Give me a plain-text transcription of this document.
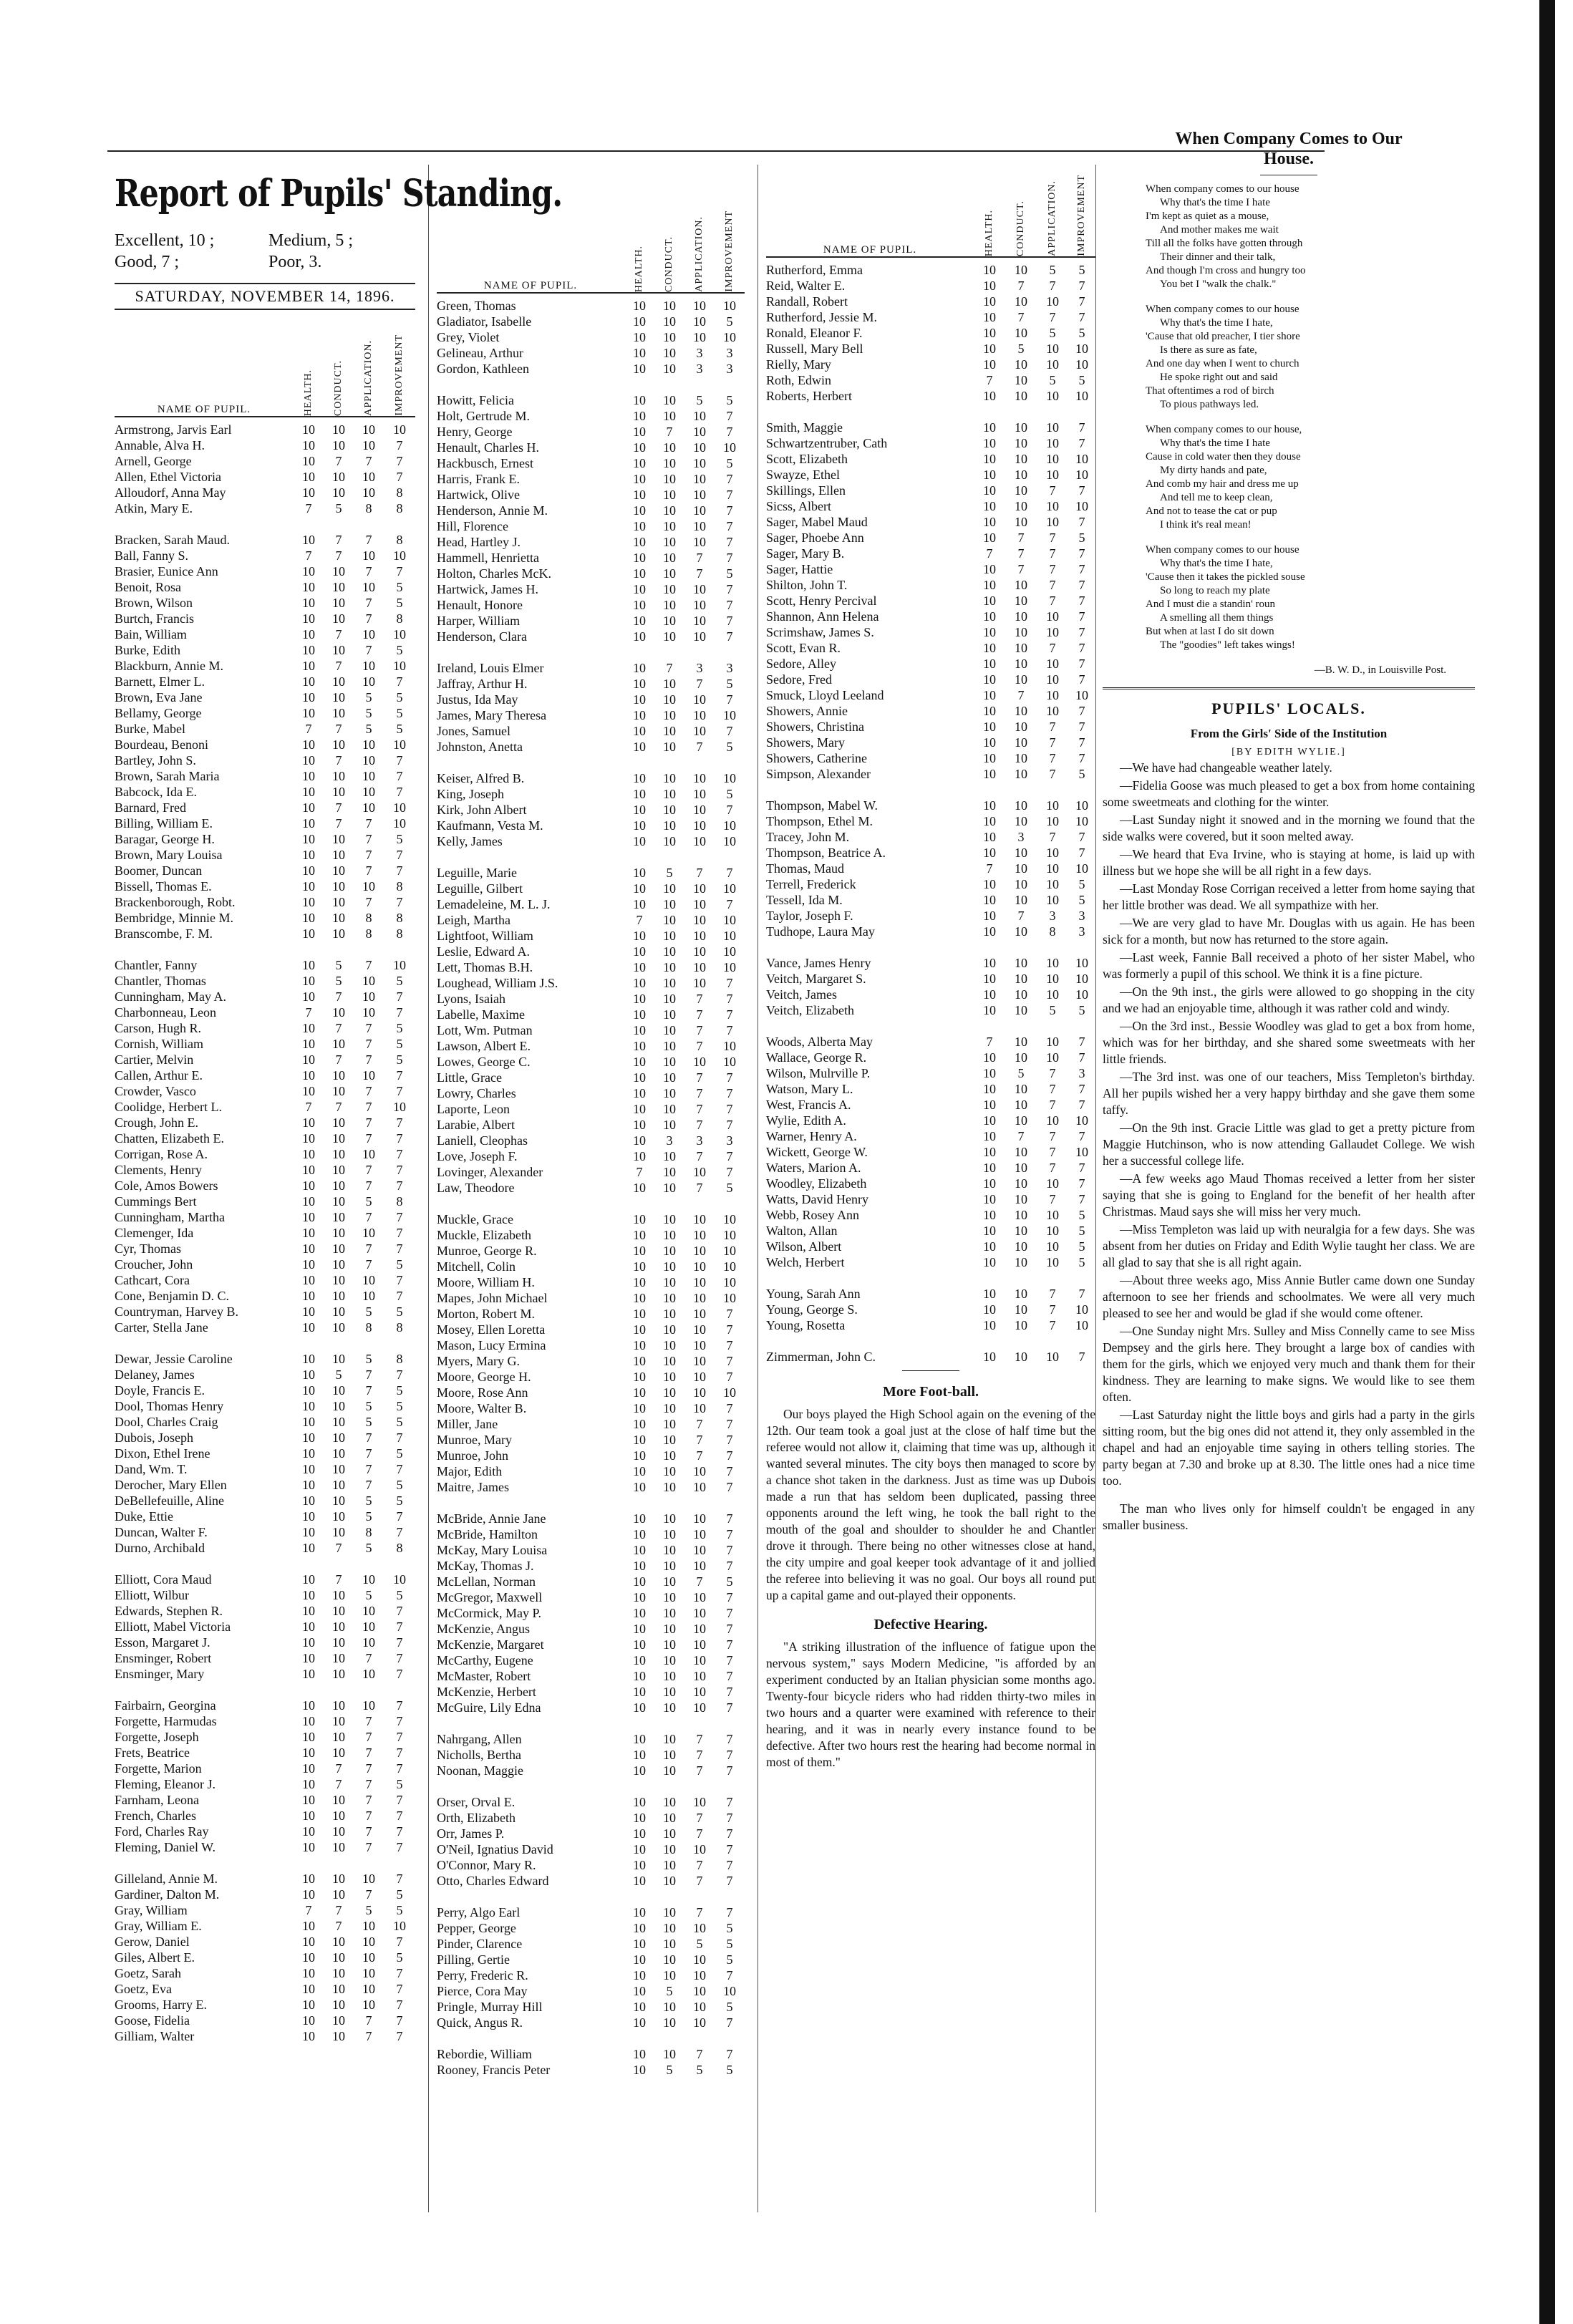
Report of Pupils' Standing.
Excellent, 10 ;	Medium, 5 ;
Good, 7 ;	Poor, 3.
SATURDAY, NOVEMBER 14, 1896.
NAME OF PUPIL.	HEALTH. CONDUCT. APPLICATION. IMPROVEMENT
Armstrong, Jarvis Earl	10	10	10	10
Annable, Alva H.	10	10	10	7
Arnell, George	10	7	7	7
Allen, Ethel Victoria	10	10	10	7
Alloudorf, Anna May	10	10	10	8
Atkin, Mary E.	7	5	8	8
Bracken, Sarah Maud.	10	7	7	8
Ball, Fanny S.	7	7	10	10
Brasier, Eunice Ann	10	10	7	7
Benoit, Rosa	10	10	10	5
Brown, Wilson	10	10	7	5
Burtch, Francis	10	10	7	8
Bain, William	10	7	10	10
Burke, Edith	10	10	7	5
Blackburn, Annie M.	10	7	10	10
Barnett, Elmer L.	10	10	10	7
Brown, Eva Jane	10	10	5	5
Bellamy, George	10	10	5	5
Burke, Mabel	7	7	5	5
Bourdeau, Benoni	10	10	10	10
Bartley, John S.	10	7	10	7
Brown, Sarah Maria	10	10	10	7
Babcock, Ida E.	10	10	10	7
Barnard, Fred	10	7	10	10
Billing, William E.	10	7	7	10
Baragar, George H.	10	10	7	5
Brown, Mary Louisa	10	10	7	7
Boomer, Duncan	10	10	7	7
Bissell, Thomas E.	10	10	10	8
Brackenborough, Robt.	10	10	7	7
Bembridge, Minnie M.	10	10	8	8
Branscombe, F. M.	10	10	8	8
Chantler, Fanny	10	5	7	10
Chantler, Thomas	10	5	10	5
Cunningham, May A.	10	7	10	7
Charbonneau, Leon	7	10	10	7
Carson, Hugh R.	10	7	7	5
Cornish, William	10	10	7	5
Cartier, Melvin	10	7	7	5
Callen, Arthur E.	10	10	10	7
Crowder, Vasco	10	10	7	7
Coolidge, Herbert L.	7	7	7	10
Crough, John E.	10	10	7	7
Chatten, Elizabeth E.	10	10	7	7
Corrigan, Rose A.	10	10	10	7
Clements, Henry	10	10	7	7
Cole, Amos Bowers	10	10	7	7
Cummings Bert	10	10	5	8
Cunningham, Martha	10	10	7	7
Clemenger, Ida	10	10	10	7
Cyr, Thomas	10	10	7	7
Croucher, John	10	10	7	5
Cathcart, Cora	10	10	10	7
Cone, Benjamin D. C.	10	10	10	7
Countryman, Harvey B.	10	10	5	5
Carter, Stella Jane	10	10	8	8
Dewar, Jessie Caroline	10	10	5	8
Delaney, James	10	5	7	7
Doyle, Francis E.	10	10	7	5
Dool, Thomas Henry	10	10	5	5
Dool, Charles Craig	10	10	5	5
Dubois, Joseph	10	10	7	7
Dixon, Ethel Irene	10	10	7	5
Dand, Wm. T.	10	10	7	7
Derocher, Mary Ellen	10	10	7	5
DeBellefeuille, Aline	10	10	5	5
Duke, Ettie	10	10	5	7
Duncan, Walter F.	10	10	8	7
Durno, Archibald	10	7	5	8
Elliott, Cora Maud	10	7	10	10
Elliott, Wilbur	10	10	5	5
Edwards, Stephen R.	10	10	10	7
Elliott, Mabel Victoria	10	10	10	7
Esson, Margaret J.	10	10	10	7
Ensminger, Robert	10	10	7	7
Ensminger, Mary	10	10	10	7
Fairbairn, Georgina	10	10	10	7
Forgette, Harmudas	10	10	7	7
Forgette, Joseph	10	10	7	7
Frets, Beatrice	10	10	7	7
Forgette, Marion	10	7	7	7
Fleming, Eleanor J.	10	7	7	5
Farnham, Leona	10	10	7	7
French, Charles	10	10	7	7
Ford, Charles Ray	10	10	7	7
Fleming, Daniel W.	10	10	7	7
Gilleland, Annie M.	10	10	10	7
Gardiner, Dalton M.	10	10	7	5
Gray, William	7	7	5	5
Gray, William E.	10	7	10	10
Gerow, Daniel	10	10	10	7
Giles, Albert E.	10	10	10	5
Goetz, Sarah	10	10	10	7
Goetz, Eva	10	10	10	7
Grooms, Harry E.	10	10	10	7
Goose, Fidelia	10	10	7	7
Gilliam, Walter	10	10	7	7
NAME OF PUPIL.	HEALTH. CONDUCT. APPLICATION. IMPROVEMENT
Green, Thomas	10	10	10	10
Gladiator, Isabelle	10	10	10	5
Grey, Violet	10	10	10	10
Gelineau, Arthur	10	10	3	3
Gordon, Kathleen	10	10	3	3
Howitt, Felicia	10	10	5	5
Holt, Gertrude M.	10	10	10	7
Henry, George	10	7	10	7
Henault, Charles H.	10	10	10	10
Hackbusch, Ernest	10	10	10	5
Harris, Frank E.	10	10	10	7
Hartwick, Olive	10	10	10	7
Henderson, Annie M.	10	10	10	7
Hill, Florence	10	10	10	7
Head, Hartley J.	10	10	10	7
Hammell, Henrietta	10	10	7	7
Holton, Charles McK.	10	10	7	5
Hartwick, James H.	10	10	10	7
Henault, Honore	10	10	10	7
Harper, William	10	10	10	7
Henderson, Clara	10	10	10	7
Ireland, Louis Elmer	10	7	3	3
Jaffray, Arthur H.	10	10	7	5
Justus, Ida May	10	10	10	7
James, Mary Theresa	10	10	10	10
Jones, Samuel	10	10	10	7
Johnston, Anetta	10	10	7	5
Keiser, Alfred B.	10	10	10	10
King, Joseph	10	10	10	5
Kirk, John Albert	10	10	10	7
Kaufmann, Vesta M.	10	10	10	10
Kelly, James	10	10	10	10
Leguille, Marie	10	5	7	7
Leguille, Gilbert	10	10	10	10
Lemadeleine, M. L. J.	10	10	10	7
Leigh, Martha	7	10	10	10
Lightfoot, William	10	10	10	10
Leslie, Edward A.	10	10	10	10
Lett, Thomas B.H.	10	10	10	10
Loughead, William J.S.	10	10	10	7
Lyons, Isaiah	10	10	7	7
Labelle, Maxime	10	10	7	7
Lott, Wm. Putman	10	10	7	7
Lawson, Albert E.	10	10	7	10
Lowes, George C.	10	10	10	10
Little, Grace	10	10	7	7
Lowry, Charles	10	10	7	7
Laporte, Leon	10	10	7	7
Larabie, Albert	10	10	7	7
Laniell, Cleophas	10	3	3	3
Love, Joseph F.	10	10	7	7
Lovinger, Alexander	7	10	10	7
Law, Theodore	10	10	7	5
Muckle, Grace	10	10	10	10
Muckle, Elizabeth	10	10	10	10
Munroe, George R.	10	10	10	10
Mitchell, Colin	10	10	10	10
Moore, William H.	10	10	10	10
Mapes, John Michael	10	10	10	10
Morton, Robert M.	10	10	10	7
Mosey, Ellen Loretta	10	10	10	7
Mason, Lucy Ermina	10	10	10	7
Myers, Mary G.	10	10	10	7
Moore, George H.	10	10	10	7
Moore, Rose Ann	10	10	10	10
Moore, Walter B.	10	10	10	7
Miller, Jane	10	10	7	7
Munroe, Mary	10	10	7	7
Munroe, John	10	10	7	7
Major, Edith	10	10	10	7
Maitre, James	10	10	10	7
McBride, Annie Jane	10	10	10	7
McBride, Hamilton	10	10	10	7
McKay, Mary Louisa	10	10	10	7
McKay, Thomas J.	10	10	10	7
McLellan, Norman	10	10	7	5
McGregor, Maxwell	10	10	10	7
McCormick, May P.	10	10	10	7
McKenzie, Angus	10	10	10	7
McKenzie, Margaret	10	10	10	7
McCarthy, Eugene	10	10	10	7
McMaster, Robert	10	10	10	7
McKenzie, Herbert	10	10	10	7
McGuire, Lily Edna	10	10	10	7
Nahrgang, Allen	10	10	7	7
Nicholls, Bertha	10	10	7	7
Noonan, Maggie	10	10	7	7
Orser, Orval E.	10	10	10	7
Orth, Elizabeth	10	10	7	7
Orr, James P.	10	10	7	7
O'Neil, Ignatius David	10	10	10	7
O'Connor, Mary R.	10	10	7	7
Otto, Charles Edward	10	10	7	7
Perry, Algo Earl	10	10	7	7
Pepper, George	10	10	10	5
Pinder, Clarence	10	10	5	5
Pilling, Gertie	10	10	10	5
Perry, Frederic R.	10	10	10	7
Pierce, Cora May	10	5	10	10
Pringle, Murray Hill	10	10	10	5
Quick, Angus R.	10	10	10	7
Rebordie, William	10	10	7	7
Rooney, Francis Peter	10	5	5	5
NAME OF PUPIL.	HEALTH. CONDUCT. APPLICATION. IMPROVEMENT
Rutherford, Emma	10	10	5	5
Reid, Walter E.	10	7	7	7
Randall, Robert	10	10	10	7
Rutherford, Jessie M.	10	7	7	7
Ronald, Eleanor F.	10	10	5	5
Russell, Mary Bell	10	5	10	10
Rielly, Mary	10	10	10	10
Roth, Edwin	7	10	5	5
Roberts, Herbert	10	10	10	10
Smith, Maggie	10	10	10	7
Schwartzentruber, Cath	10	10	10	7
Scott, Elizabeth	10	10	10	10
Swayze, Ethel	10	10	10	10
Skillings, Ellen	10	10	7	7
Sicss, Albert	10	10	10	10
Sager, Mabel Maud	10	10	10	7
Sager, Phoebe Ann	10	7	7	5
Sager, Mary B.	7	7	7	7
Sager, Hattie	10	7	7	7
Shilton, John T.	10	10	7	7
Scott, Henry Percival	10	10	7	7
Shannon, Ann Helena	10	10	10	7
Scrimshaw, James S.	10	10	10	7
Scott, Evan R.	10	10	7	7
Sedore, Alley	10	10	10	7
Sedore, Fred	10	10	10	7
Smuck, Lloyd Leeland	10	7	10	10
Showers, Annie	10	10	10	7
Showers, Christina	10	10	7	7
Showers, Mary	10	10	7	7
Showers, Catherine	10	10	7	7
Simpson, Alexander	10	10	7	5
Thompson, Mabel W.	10	10	10	10
Thompson, Ethel M.	10	10	10	10
Tracey, John M.	10	3	7	7
Thompson, Beatrice A.	10	10	10	7
Thomas, Maud	7	10	10	10
Terrell, Frederick	10	10	10	5
Tessell, Ida M.	10	10	10	5
Taylor, Joseph F.	10	7	3	3
Tudhope, Laura May	10	10	8	3
Vance, James Henry	10	10	10	10
Veitch, Margaret S.	10	10	10	10
Veitch, James	10	10	10	10
Veitch, Elizabeth	10	10	5	5
Woods, Alberta May	7	10	10	7
Wallace, George R.	10	10	10	7
Wilson, Mulrville P.	10	5	7	3
Watson, Mary L.	10	10	7	7
West, Francis A.	10	10	7	7
Wylie, Edith A.	10	10	10	10
Warner, Henry A.	10	7	7	7
Wickett, George W.	10	10	7	10
Waters, Marion A.	10	10	7	7
Woodley, Elizabeth	10	10	10	7
Watts, David Henry	10	10	7	7
Webb, Rosey Ann	10	10	10	5
Walton, Allan	10	10	10	5
Wilson, Albert	10	10	10	5
Welch, Herbert	10	10	10	5
Young, Sarah Ann	10	10	7	7
Young, George S.	10	10	7	10
Young, Rosetta	10	10	7	10
Zimmerman, John C.	10	10	10	7
More Foot-ball.
Our boys played the High School again on the evening of the 12th. Our team took a goal just at the close of half time but the referee would not allow it, claiming that time was up, although it wanted several minutes. The city boys then managed to score by a chance shot taken in the darkness. Just as time was up Dubois made a run that has seldom been duplicated, passing three opponents around the left wing, he took the ball right to the mouth of the goal and shoulder to shoulder he and Chantler drove it through. There being no other witnesses close at hand, the city umpire and goal keeper took advantage of it and jollied the referee into believing it was no goal. Our boys all round put up a capital game and out-played their opponents.
Defective Hearing.
"A striking illustration of the influence of fatigue upon the nervous system," says Modern Medicine, "is afforded by an experiment conducted by an Italian physician some months ago. Twenty-four bicycle riders who had ridden thirty-two miles in two hours and a quarter were examined with reference to their hearing, and it was in nearly every instance found to be defective. After two hours rest the hearing had become normal in most of them."
When Company Comes to Our
House.
When company comes to our house
Why that's the time I hate
I'm kept as quiet as a mouse,
And mother makes me wait
Till all the folks have gotten through
Their dinner and their talk,
And though I'm cross and hungry too
You bet I "walk the chalk."
When company comes to our house
Why that's the time I hate,
'Cause that old preacher, I tier shore
Is there as sure as fate,
And one day when I went to church
He spoke right out and said
That oftentimes a rod of birch
To pious pathways led.
When company comes to our house,
Why that's the time I hate
Cause in cold water then they douse
My dirty hands and pate,
And comb my hair and dress me up
And tell me to keep clean,
And not to tease the cat or pup
I think it's real mean!
When company comes to our house
Why that's the time I hate,
'Cause then it takes the pickled souse
So long to reach my plate
And I must die a standin' roun
A smelling all them things
But when at last I do sit down
The "goodies" left takes wings!
—B. W. D., in Louisville Post.
PUPILS' LOCALS.
From the Girls' Side of the Institution
[BY EDITH WYLIE.]
—We have had changeable weather lately.
—Fidelia Goose was much pleased to get a box from home containing some sweetmeats and clothing for the winter.
—Last Sunday night it snowed and in the morning we found that the side walks were covered, but it soon melted away.
—We heard that Eva Irvine, who is staying at home, is laid up with illness but we hope she will be all right in a few days.
—Last Monday Rose Corrigan received a letter from home saying that her little brother was dead. We all sympathize with her.
—We are very glad to have Mr. Douglas with us again. He has been sick for a month, but now has returned to the store again.
—Last week, Fannie Ball received a photo of her sister Mabel, who was formerly a pupil of this school. We think it is a fine picture.
—On the 9th inst., the girls were allowed to go shopping in the city and we had an enjoyable time, although it was rather cold and windy.
—On the 3rd inst., Bessie Woodley was glad to get a box from home, which was for her birthday, and she shared some sweetmeats with her little friends.
—The 3rd inst. was one of our teachers, Miss Templeton's birthday. All her pupils wished her a very happy birthday and she gave them some taffy.
—On the 9th inst. Gracie Little was glad to get a pretty picture from Maggie Hutchinson, who is now attending Gallaudet College. We wish her a successful college life.
—A few weeks ago Maud Thomas received a letter from her sister saying that she is going to England for the benefit of her health after Christmas. Maud says she will miss her very much.
—Miss Templeton was laid up with neuralgia for a few days. She was absent from her duties on Friday and Edith Wylie taught her class. We are all glad to say that she is all right again.
—About three weeks ago, Miss Annie Butler came down one Sunday afternoon to see her friends and schoolmates. We were all very much pleased to see her and would be glad if she would come oftener.
—One Sunday night Mrs. Sulley and Miss Connelly came to see Miss Dempsey and the girls here. They brought a large box of candies with them for the girls, which we enjoyed very much and thank them for their kindness. They are learning to make signs. We would like to see them often.
—Last Saturday night the little boys and girls had a party in the girls sitting room, but the big ones did not attend it, they only assembled in the chapel and had an enjoyable time saying in others telling stories. The party began at 7.30 and broke up at 8.30. The little ones had a nice time too.
The man who lives only for himself couldn't be engaged in any smaller business.
